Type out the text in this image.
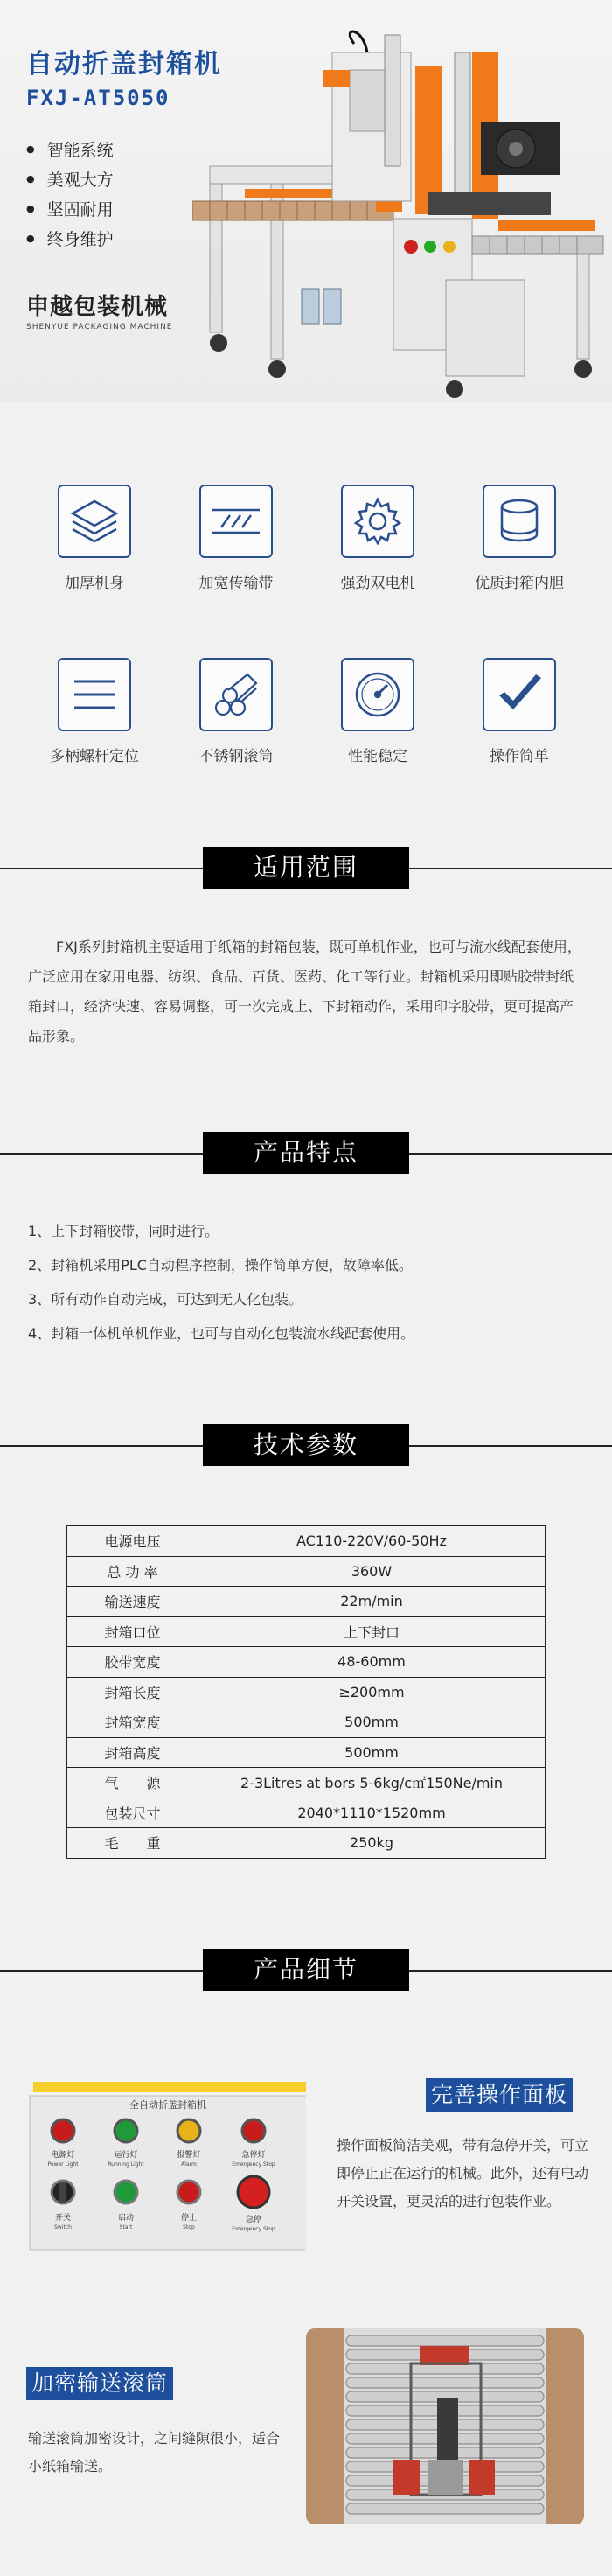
自动折盖封箱机
FXJ-AT5050
● 智能系统
● 美观大方
● 坚固耐用
● 终身维护
申越包装机械
SHENYUE PACKAGING MACHINE
加厚机身	加宽传输带	强劲双电机	优质封箱内胆
多柄螺杆定位	不锈钢滚筒	性能稳定	操作简单
适用范围
FXJ系列封箱机主要适用于纸箱的封箱包装，既可单机作业，也可与流水线配套使用，广泛应用在家用电器、纺织、食品、百货、医药、化工等行业。封箱机采用即贴胶带封纸箱封口，经济快速、容易调整，可一次完成上、下封箱动作，采用印字胶带，更可提高产品形象。
产品特点
1、上下封箱胶带，同时进行。
2、封箱机采用PLC自动程序控制，操作简单方便，故障率低。
3、所有动作自动完成，可达到无人化包装。
4、封箱一体机单机作业，也可与自动化包装流水线配套使用。
技术参数
电源电压	AC110-220V/60-50Hz
总 功 率	360W
输送速度	22m/min
封箱口位	上下封口
胶带宽度	48-60mm
封箱长度	≥200mm
封箱宽度	500mm
封箱高度	500mm
气　　源	2-3Litres at bors 5-6kg/c㎡150Ne/min
包装尺寸	2040*1110*1520mm
毛　　重	250kg
产品细节
全自动折盖封箱机
电源灯
Power Light
运行灯
Running Light
报警灯
Alarm
急停灯
Emergency Stop
开关
Switch
启动
Start
停止
Stop
急停
Emergency Stop
完善操作面板
操作面板简洁美观，带有急停开关，可立即停止正在运行的机械。此外，还有电动开关设置，更灵活的进行包装作业。
加密输送滚筒
输送滚筒加密设计，之间缝隙很小，适合小纸箱输送。
